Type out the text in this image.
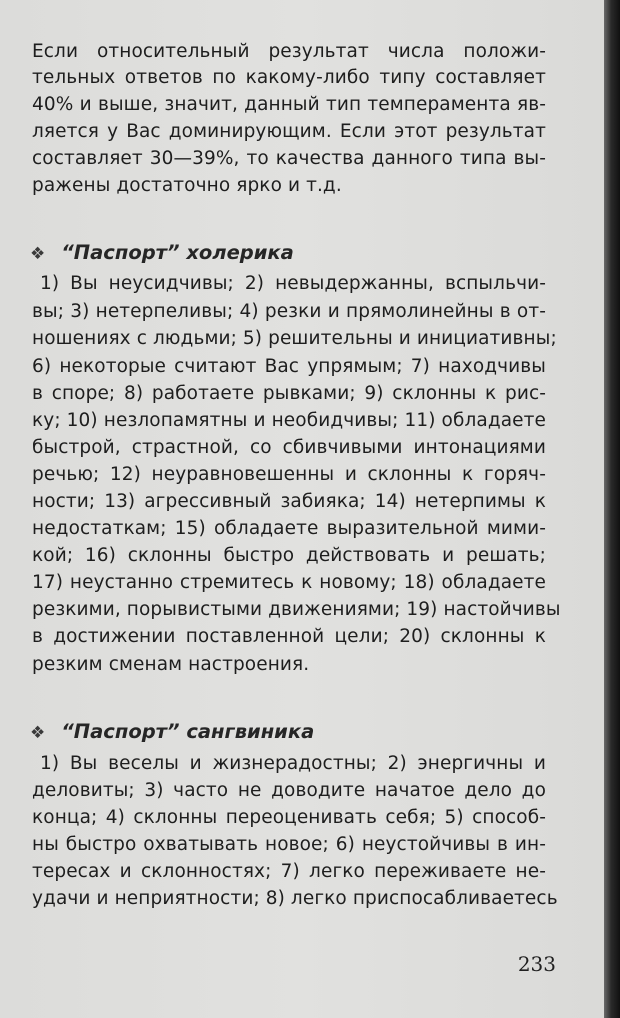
Если относительный результат числа положи-
тельных ответов по какому-либо типу составляет
40% и выше, значит, данный тип темперамента яв-
ляется у Вас доминирующим. Если этот результат
составляет 30—39%, то качества данного типа вы-
ражены достаточно ярко и т.д.
❖ “Паспорт” холерика
1) Вы неусидчивы; 2) невыдержанны, вспыльчи-
вы; 3) нетерпеливы; 4) резки и прямолинейны в от-
ношениях с людьми; 5) решительны и инициативны;
6) некоторые считают Вас упрямым; 7) находчивы
в споре; 8) работаете рывками; 9) склонны к рис-
ку; 10) незлопамятны и необидчивы; 11) обладаете
быстрой, страстной, со сбивчивыми интонациями
речью; 12) неуравновешенны и склонны к горяч-
ности; 13) агрессивный забияка; 14) нетерпимы к
недостаткам; 15) обладаете выразительной мими-
кой; 16) склонны быстро действовать и решать;
17) неустанно стремитесь к новому; 18) обладаете
резкими, порывистыми движениями; 19) настойчивы
в достижении поставленной цели; 20) склонны к
резким сменам настроения.
❖ “Паспорт” сангвиника
1) Вы веселы и жизнерадостны; 2) энергичны и
деловиты; 3) часто не доводите начатое дело до
конца; 4) склонны переоценивать себя; 5) способ-
ны быстро охватывать новое; 6) неустойчивы в ин-
тересах и склонностях; 7) легко переживаете не-
удачи и неприятности; 8) легко приспосабливаетесь
233
